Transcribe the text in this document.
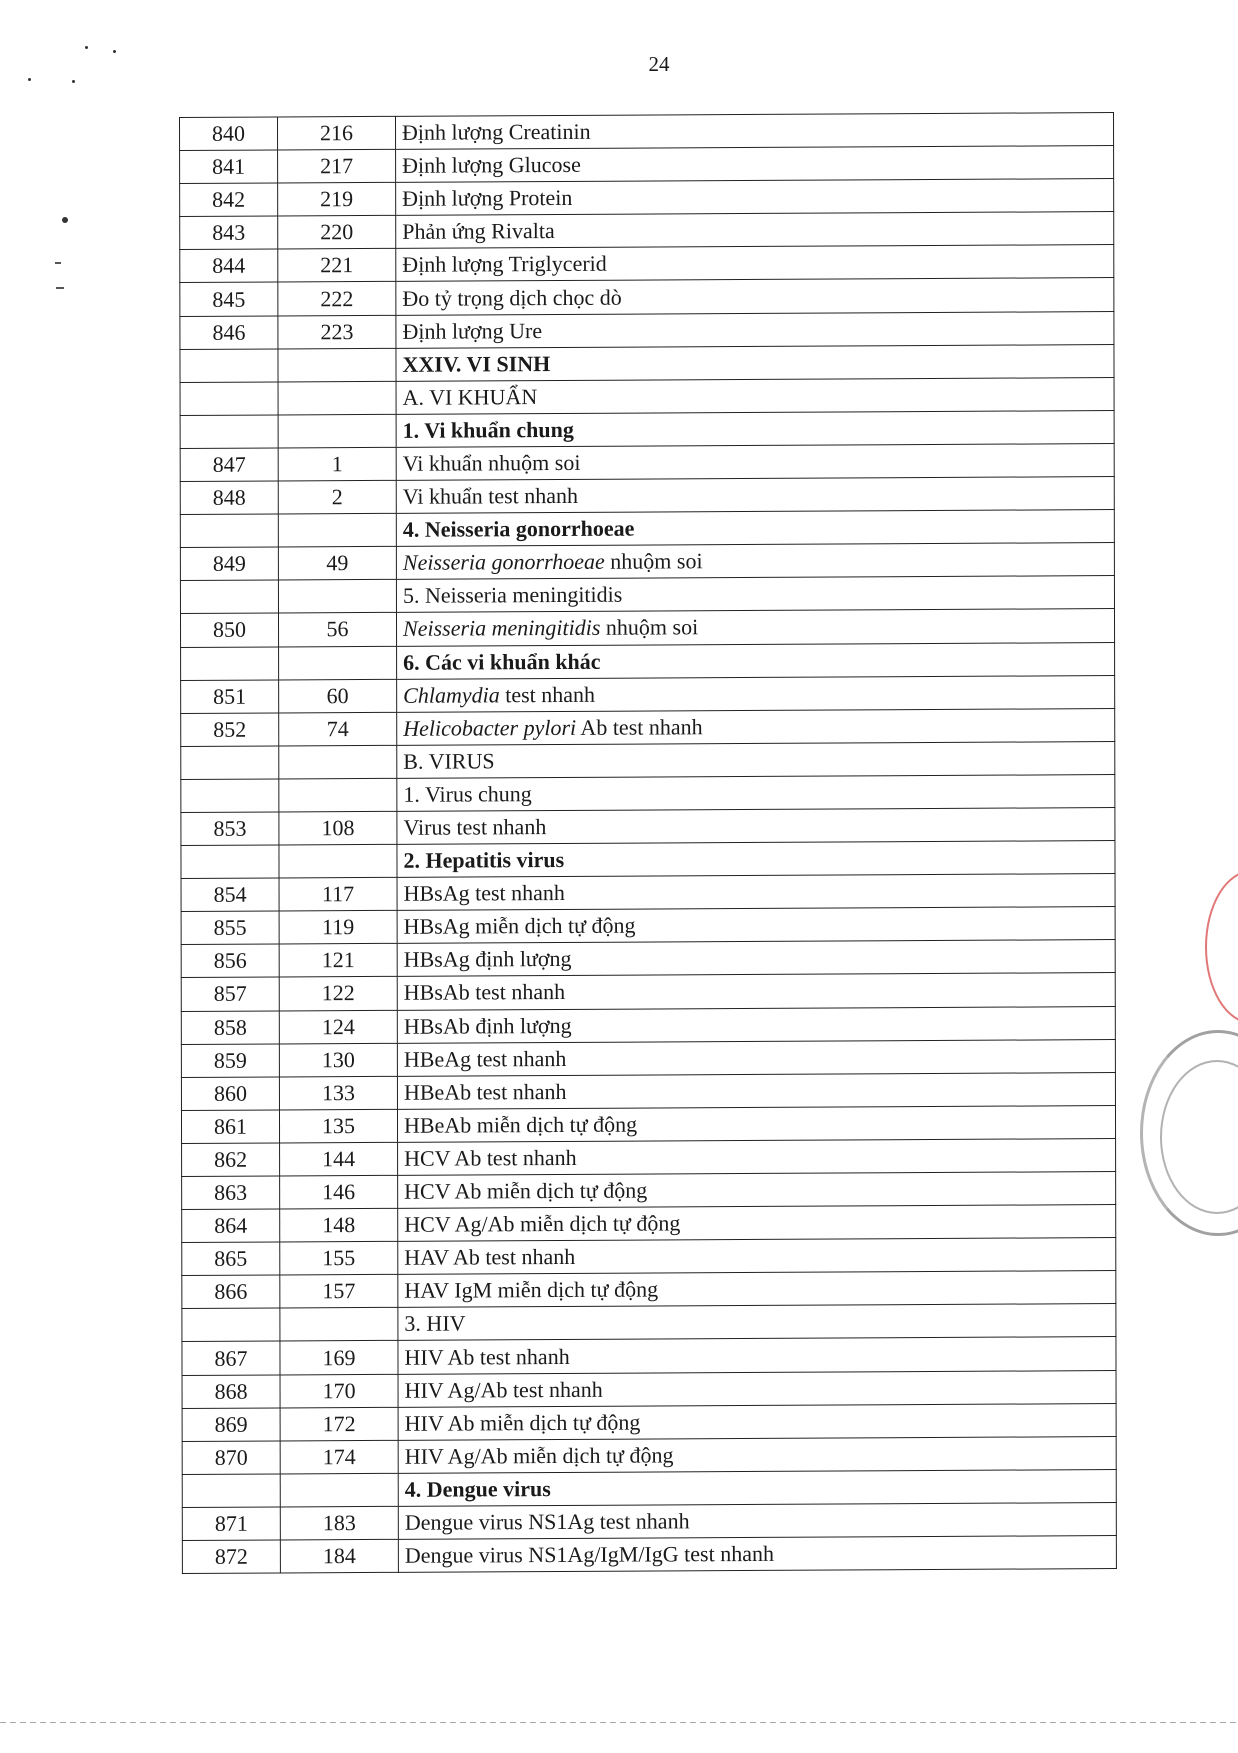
24
840	216	Định lượng Creatinin
841	217	Định lượng Glucose
842	219	Định lượng Protein
843	220	Phản ứng Rivalta
844	221	Định lượng Triglycerid
845	222	Đo tỷ trọng dịch chọc dò
846	223	Định lượng Ure
		XXIV. VI SINH
		A. VI KHUẨN
		1. Vi khuẩn chung
847	1	Vi khuẩn nhuộm soi
848	2	Vi khuẩn test nhanh
		4. Neisseria gonorrhoeae
849	49	Neisseria gonorrhoeae nhuộm soi
		5. Neisseria meningitidis
850	56	Neisseria meningitidis nhuộm soi
		6. Các vi khuẩn khác
851	60	Chlamydia test nhanh
852	74	Helicobacter pylori Ab test nhanh
		B. VIRUS
		1. Virus chung
853	108	Virus test nhanh
		2. Hepatitis virus
854	117	HBsAg test nhanh
855	119	HBsAg miễn dịch tự động
856	121	HBsAg định lượng
857	122	HBsAb test nhanh
858	124	HBsAb định lượng
859	130	HBeAg test nhanh
860	133	HBeAb test nhanh
861	135	HBeAb miễn dịch tự động
862	144	HCV Ab test nhanh
863	146	HCV Ab miễn dịch tự động
864	148	HCV Ag/Ab miễn dịch tự động
865	155	HAV Ab test nhanh
866	157	HAV IgM miễn dịch tự động
		3. HIV
867	169	HIV Ab test nhanh
868	170	HIV Ag/Ab test nhanh
869	172	HIV Ab miễn dịch tự động
870	174	HIV Ag/Ab miễn dịch tự động
		4. Dengue virus
871	183	Dengue virus NS1Ag test nhanh
872	184	Dengue virus NS1Ag/IgM/IgG test nhanh
